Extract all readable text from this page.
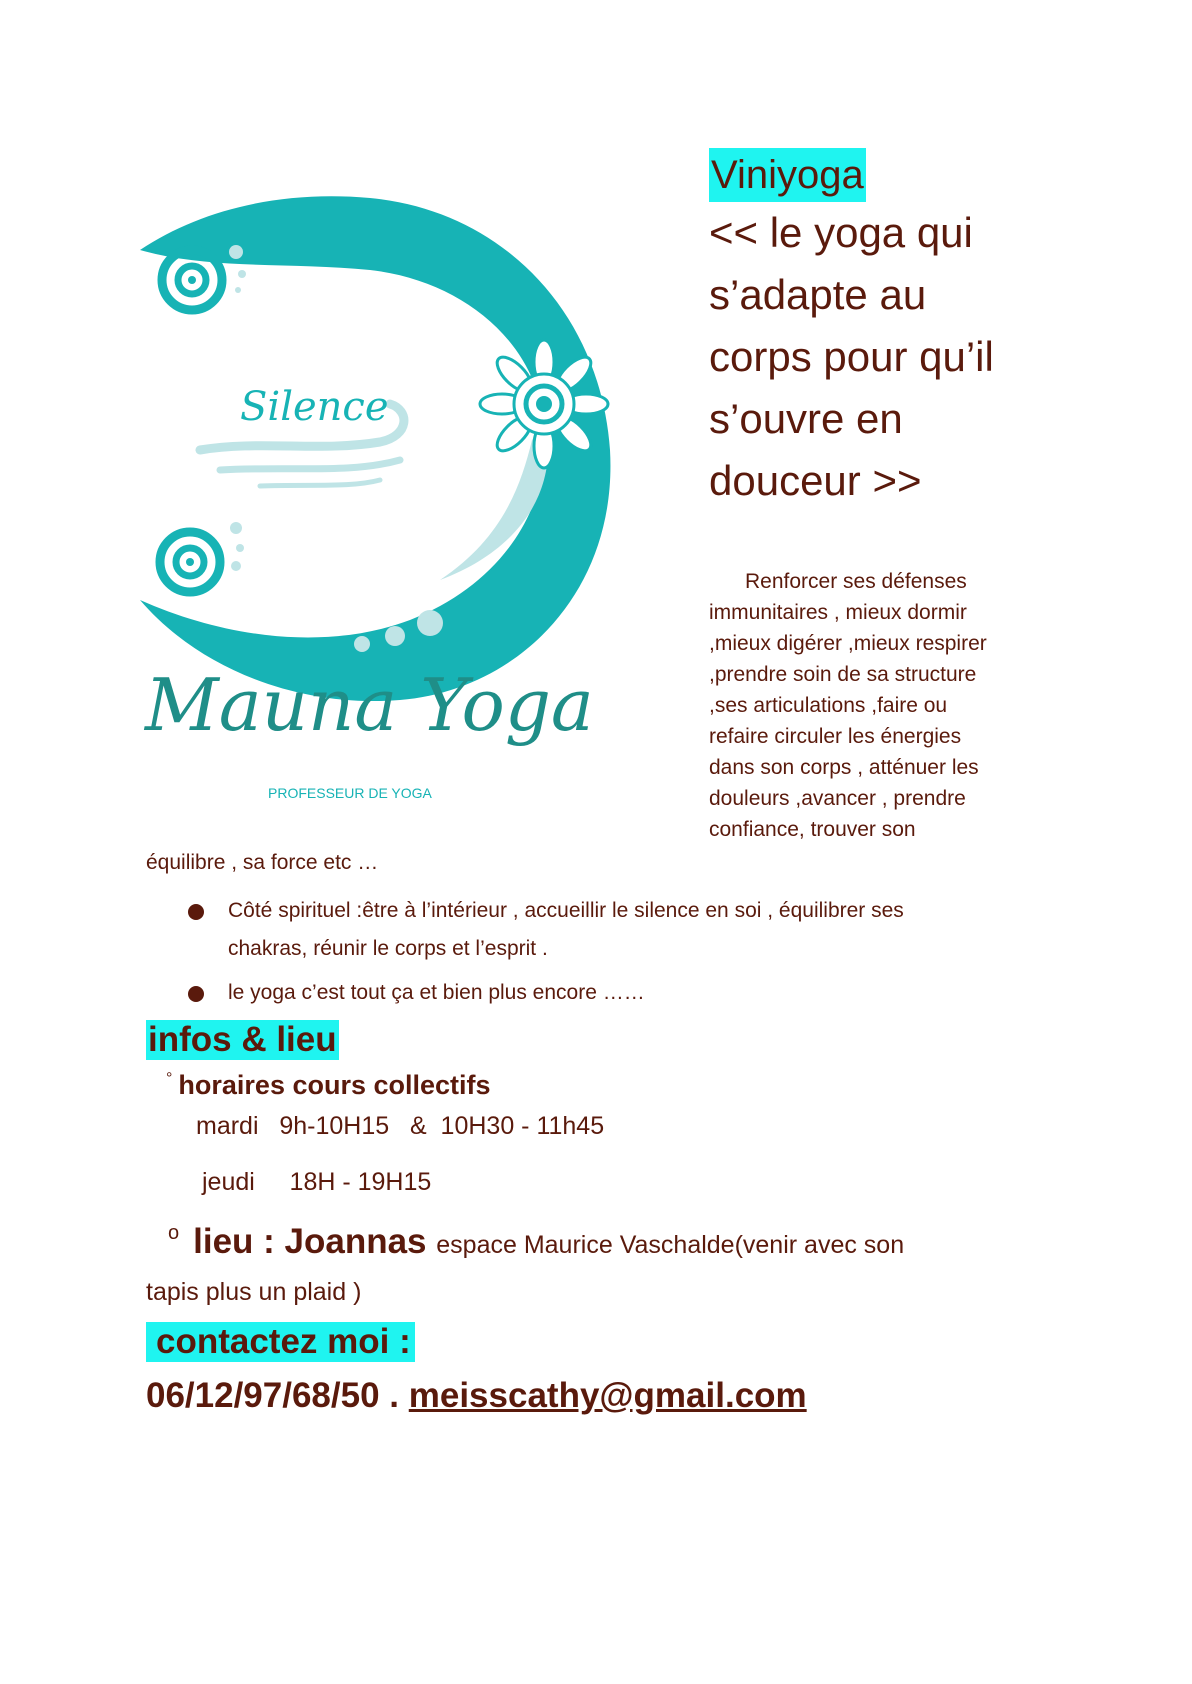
Silence
Mauna Yoga
PROFESSEUR DE YOGA
Viniyoga

<< le yoga qui

s’adapte au

corps pour qu’il

s’ouvre en

douceur >>

Renforcer ses défenses
immunitaires , mieux dormir
,mieux digérer ,mieux respirer
,prendre soin de sa structure
,ses articulations ,faire ou
refaire circuler les énergies
dans son corps , atténuer les
douleurs ,avancer , prendre
confiance, trouver son
équilibre , sa force etc …
Côté spirituel :être à l’intérieur , accueillir le silence en soi , équilibrer ses
chakras, réunir le corps et l’esprit .
le yoga c’est tout ça et bien plus encore ……
infos & lieu
° horaires cours collectifs
mardi   9h-10H15   &  10H30 - 11h45
jeudi     18H - 19H15
$^o$ lieu : Joannas espace Maurice Vaschalde(venir avec son
tapis plus un plaid )
contactez moi :
06/12/97/68/50 . meisscathy@gmail.com
